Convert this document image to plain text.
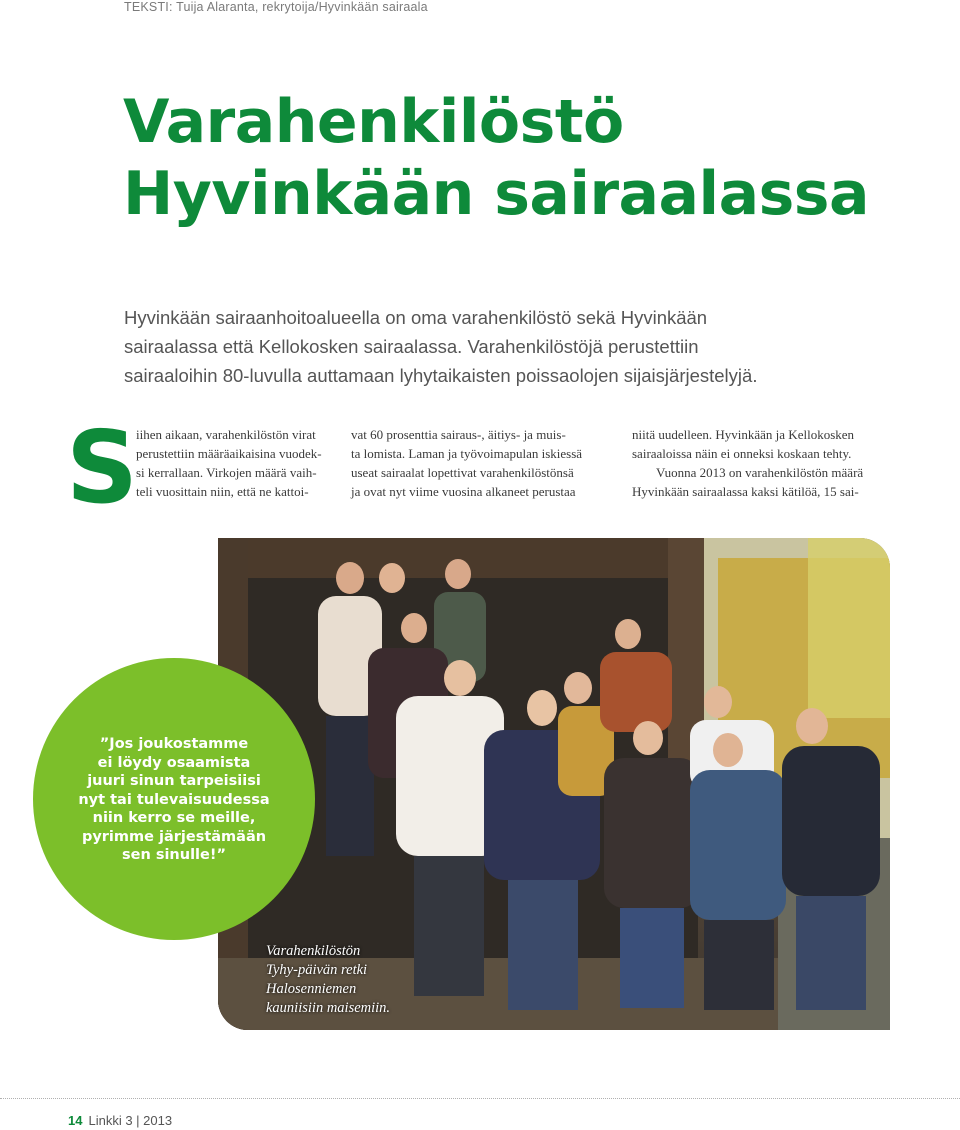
TEKSTI: Tuija Alaranta, rekrytoija/Hyvinkään sairaala
Varahenkilöstö
Hyvinkään sairaalassa

Hyvinkään sairaanhoitoalueella on oma varahenkilöstö sekä Hyvinkään
sairaalassa että Kellokosken sairaalassa. Varahenkilöstöjä perustettiin
sairaaloihin 80-luvulla auttamaan lyhytaikaisten poissaolojen sijaisjärjestelyjä.

S
iihen aikaan, varahenkilöstön virat
perustettiin määräaikaisina vuodek-
si kerrallaan. Virkojen määrä vaih-
teli vuosittain niin, että ne kattoi-
vat 60 prosenttia sairaus-, äitiys- ja muis-
ta lomista. Laman ja työvoimapulan iskiessä
useat sairaalat lopettivat varahenkilöstönsä
ja ovat nyt viime vuosina alkaneet perustaa
niitä uudelleen. Hyvinkään ja Kellokosken
sairaaloissa näin ei onneksi koskaan tehty.
Vuonna 2013 on varahenkilöstön määrä
Hyvinkään sairaalassa kaksi kätilöä, 15 sai-

Varahenkilöstön
Tyhy-päivän retki
Halosenniemen
kauniisiin maisemiin.

”Jos joukostamme
ei löydy osaamista
juuri sinun tarpeisiisi
nyt tai tulevaisuudessa
niin kerro se meille,
pyrimme järjestämään
sen sinulle!”

14 Linkki 3 | 2013
